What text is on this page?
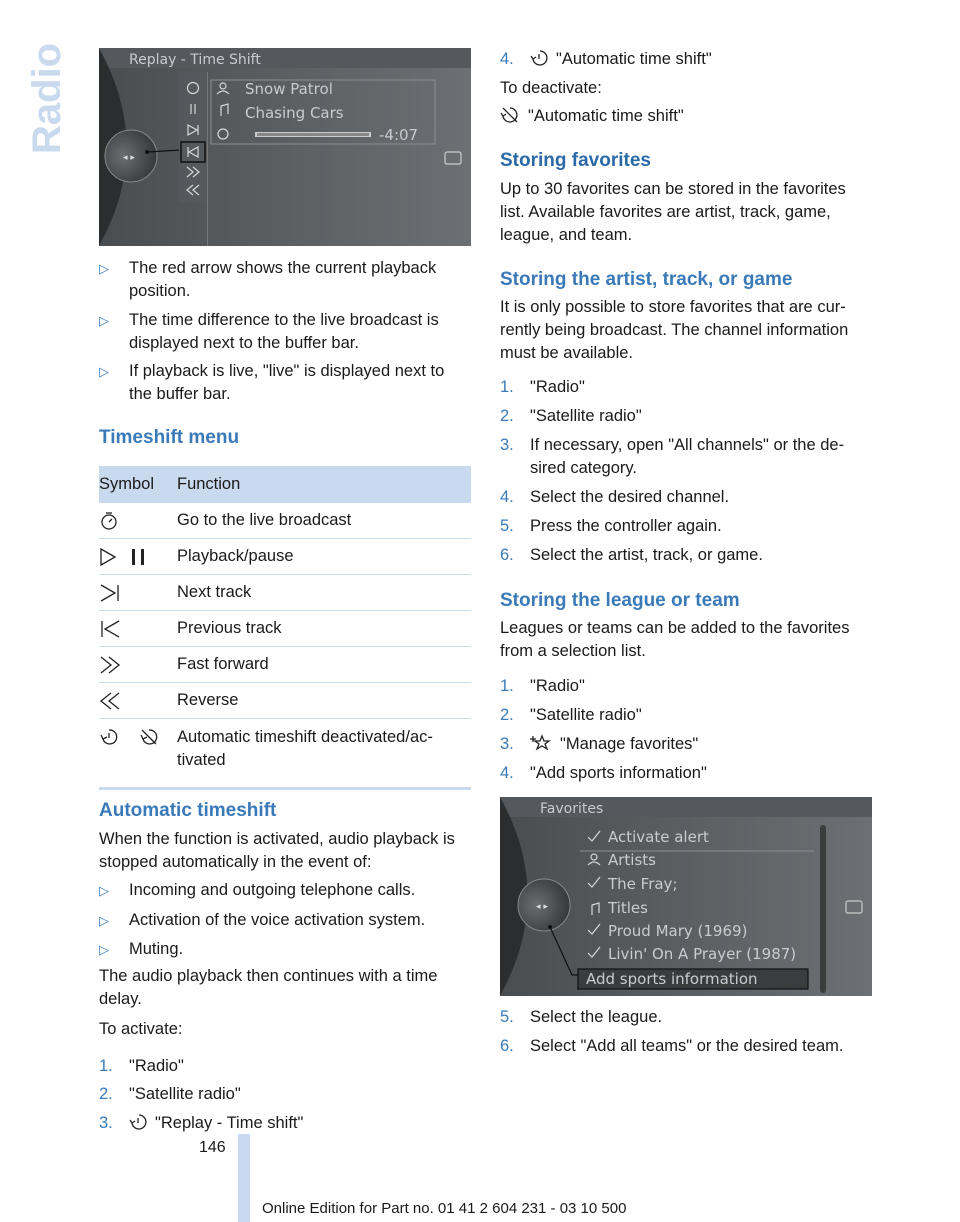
Radio
◂ ▸
Replay - Time Shift
Snow Patrol
Chasing Cars
-4:07
▷ The red arrow shows the current playback position.
▷ The time difference to the live broadcast is displayed next to the buffer bar.
▷ If playback is live, "live" is displayed next to the buffer bar.
Timeshift menu
Symbol	Function
	Go to the live broadcast
	Playback/pause
	Next track
	Previous track
	Fast forward
	Reverse
	Automatic timeshift deactivated/ac‐tivated
Automatic timeshift
When the function is activated, audio playback is stopped automatically in the event of:
▷ Incoming and outgoing telephone calls.
▷ Activation of the voice activation system.
▷ Muting.
The audio playback then continues with a time delay.
To activate:
1. "Radio"
2. "Satellite radio"
3.	"Replay - Time shift"
4.	"Automatic time shift"
To deactivate:
"Automatic time shift"
Storing favorites
Up to 30 favorites can be stored in the favorites list. Available favorites are artist, track, game, league, and team.
Storing the artist, track, or game
It is only possible to store favorites that are cur‐rently being broadcast. The channel information must be available.
1. "Radio"
2. "Satellite radio"
3. If necessary, open "All channels" or the de‐sired category.
4. Select the desired channel.
5. Press the controller again.
6. Select the artist, track, or game.
Storing the league or team
Leagues or teams can be added to the favorites from a selection list.
1. "Radio"
2. "Satellite radio"
3.	"Manage favorites"
4. "Add sports information"
◂ ▸
Favorites
Activate alert
Artists
The Fray;
Titles
Proud Mary (1969)
Livin' On A Prayer (1987)
Add sports information
5. Select the league.
6. Select "Add all teams" or the desired team.
146
Online Edition for Part no. 01 41 2 604 231 - 03 10 500
